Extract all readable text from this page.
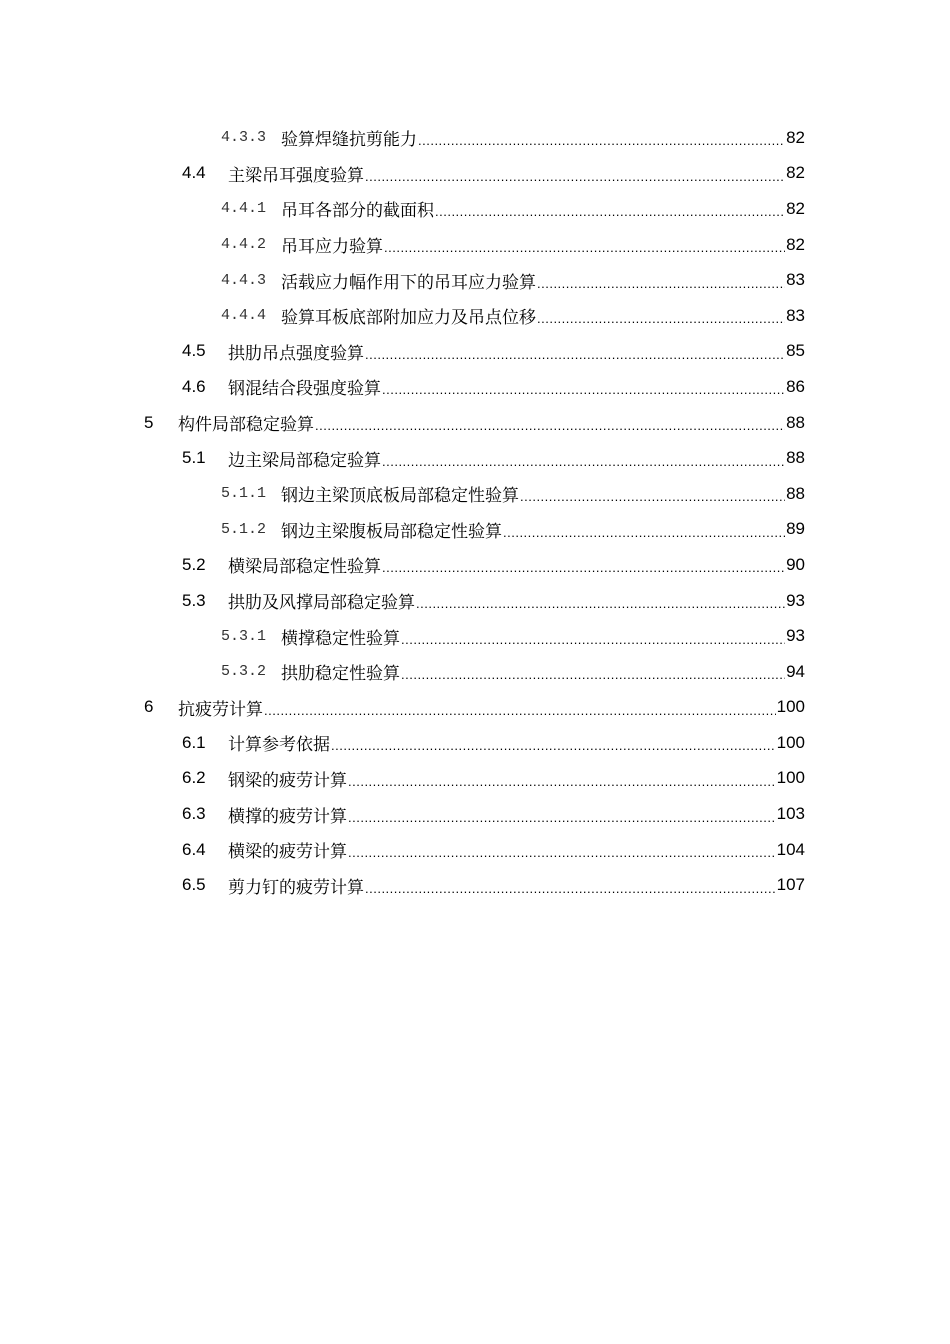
4.3.3 验算焊缝抗剪能力 .....	82
4.4	主梁吊耳强度验算 .....	82
4.4.1 吊耳各部分的截面积 .....	82
4.4.2 吊耳应力验算 .....	82
4.4.3 活载应力幅作用下的吊耳应力验算 .....	83
4.4.4 验算耳板底部附加应力及吊点位移 .....	83
4.5	拱肋吊点强度验算 .....	85
4.6	钢混结合段强度验算 .....	86
5	构件局部稳定验算 .....	88
5.1	边主梁局部稳定验算 .....	88
5.1.1 钢边主梁顶底板局部稳定性验算 .....	88
5.1.2 钢边主梁腹板局部稳定性验算 .....	89
5.2	横梁局部稳定性验算 .....	90
5.3	拱肋及风撑局部稳定验算 .....	93
5.3.1 横撑稳定性验算 .....	93
5.3.2 拱肋稳定性验算 .....	94
6	抗疲劳计算 .....	100
6.1	计算参考依据 .....	100
6.2	钢梁的疲劳计算 .....	100
6.3	横撑的疲劳计算 .....	103
6.4	横梁的疲劳计算 .....	104
6.5	剪力钉的疲劳计算 .....	107
